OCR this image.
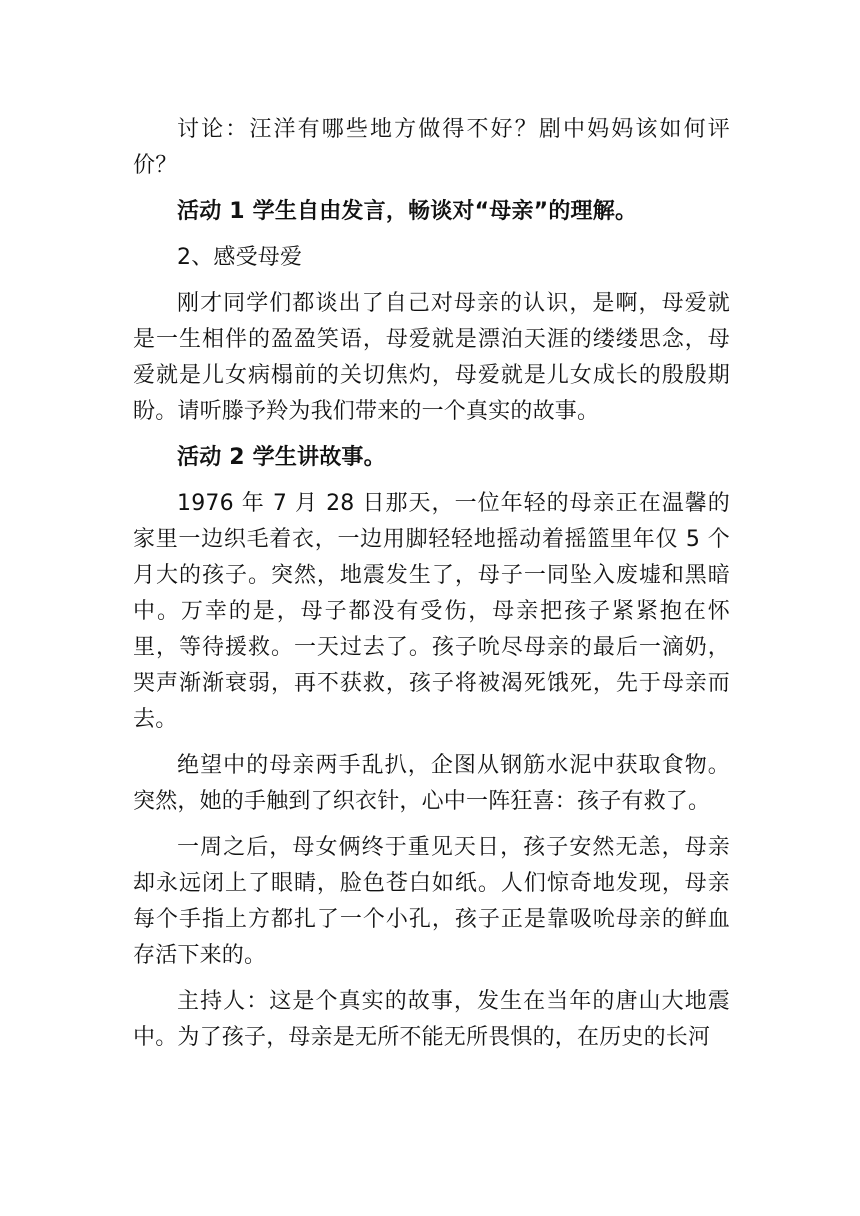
讨论：汪洋有哪些地方做得不好？剧中妈妈该如何评价？

活动 1 学生自由发言，畅谈对“母亲”的理解。

2、感受母爱

刚才同学们都谈出了自己对母亲的认识，是啊，母爱就是一生相伴的盈盈笑语，母爱就是漂泊天涯的缕缕思念，母爱就是儿女病榻前的关切焦灼，母爱就是儿女成长的殷殷期盼。请听滕予羚为我们带来的一个真实的故事。

活动 2 学生讲故事。

1976 年 7 月 28 日那天，一位年轻的母亲正在温馨的家里一边织毛着衣，一边用脚轻轻地摇动着摇篮里年仅 5 个月大的孩子。突然，地震发生了，母子一同坠入废墟和黑暗中。万幸的是，母子都没有受伤，母亲把孩子紧紧抱在怀里，等待援救。一天过去了。孩子吮尽母亲的最后一滴奶，哭声渐渐衰弱，再不获救，孩子将被渴死饿死，先于母亲而去。

绝望中的母亲两手乱扒，企图从钢筋水泥中获取食物。突然，她的手触到了织衣针，心中一阵狂喜：孩子有救了。

一周之后，母女俩终于重见天日，孩子安然无恙，母亲却永远闭上了眼睛，脸色苍白如纸。人们惊奇地发现，母亲每个手指上方都扎了一个小孔，孩子正是靠吸吮母亲的鲜血存活下来的。

主持人：这是个真实的故事，发生在当年的唐山大地震中。为了孩子，母亲是无所不能无所畏惧的，在历史的长河
